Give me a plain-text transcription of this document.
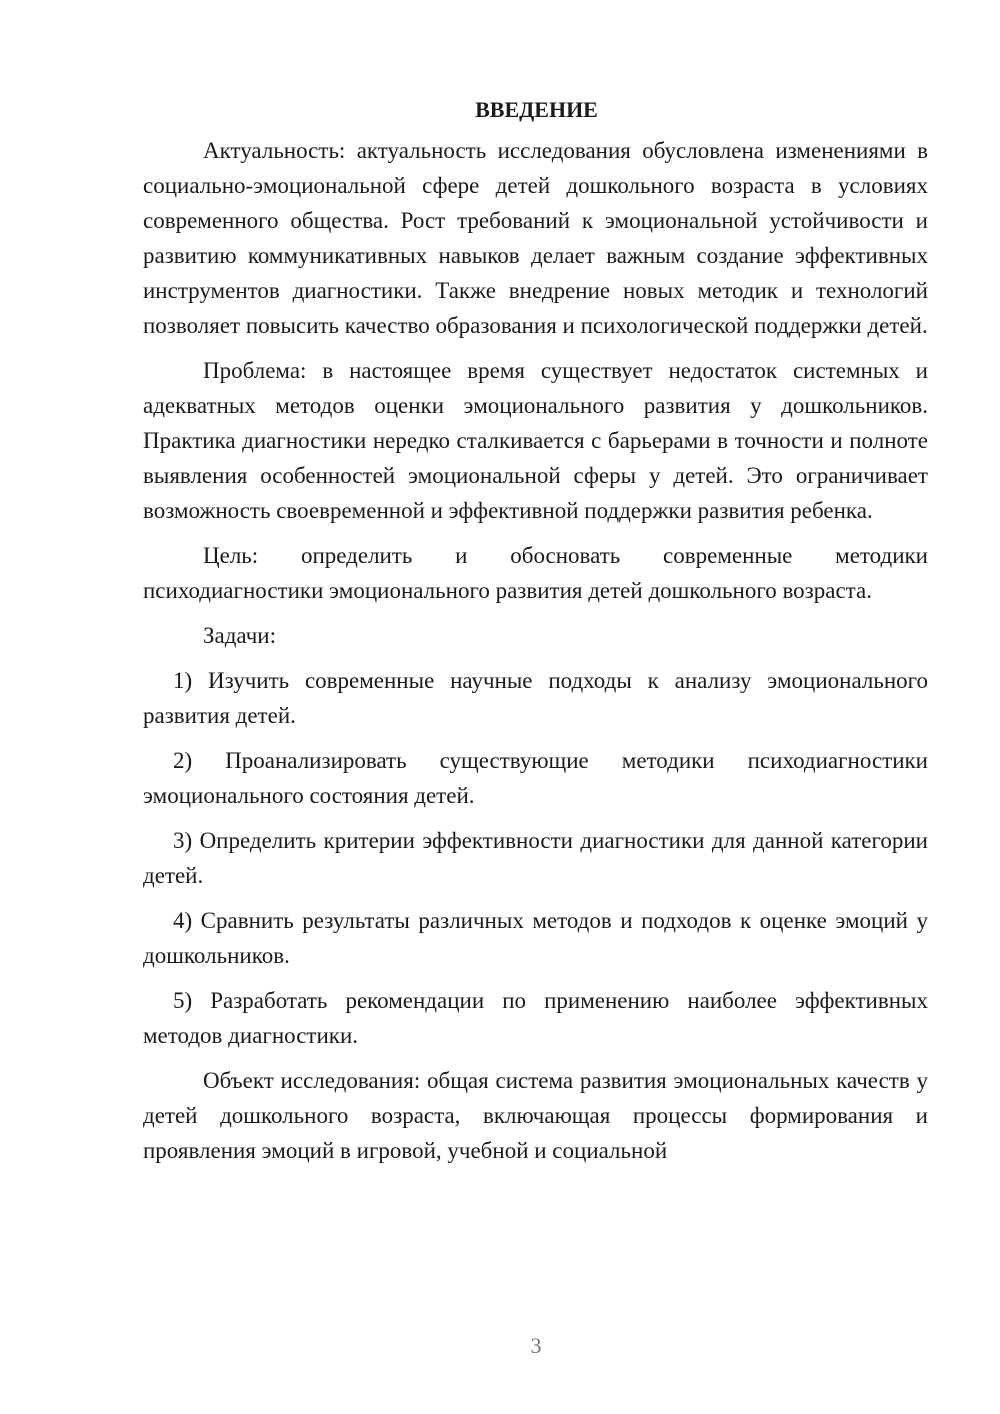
ВВЕДЕНИЕ

Актуальность: актуальность исследования обусловлена изменениями в социально-эмоциональной сфере детей дошкольного возраста в условиях современного общества. Рост требований к эмоциональной устойчивости и развитию коммуникативных навыков делает важным создание эффективных инструментов диагностики. Также внедрение новых методик и технологий позволяет повысить качество образования и психологической поддержки детей.

Проблема: в настоящее время существует недостаток системных и адекватных методов оценки эмоционального развития у дошкольников. Практика диагностики нередко сталкивается с барьерами в точности и полноте выявления особенностей эмоциональной сферы у детей. Это ограничивает возможность своевременной и эффективной поддержки развития ребенка.

Цель: определить и обосновать современные методики психодиагностики эмоционального развития детей дошкольного возраста.

Задачи:

1) Изучить современные научные подходы к анализу эмоционального развития детей.

2) Проанализировать существующие методики психодиагностики эмоционального состояния детей.

3) Определить критерии эффективности диагностики для данной категории детей.

4) Сравнить результаты различных методов и подходов к оценке эмоций у дошкольников.

5) Разработать рекомендации по применению наиболее эффективных методов диагностики.

Объект исследования: общая система развития эмоциональных качеств у детей дошкольного возраста, включающая процессы формирования и проявления эмоций в игровой, учебной и социальной

3
